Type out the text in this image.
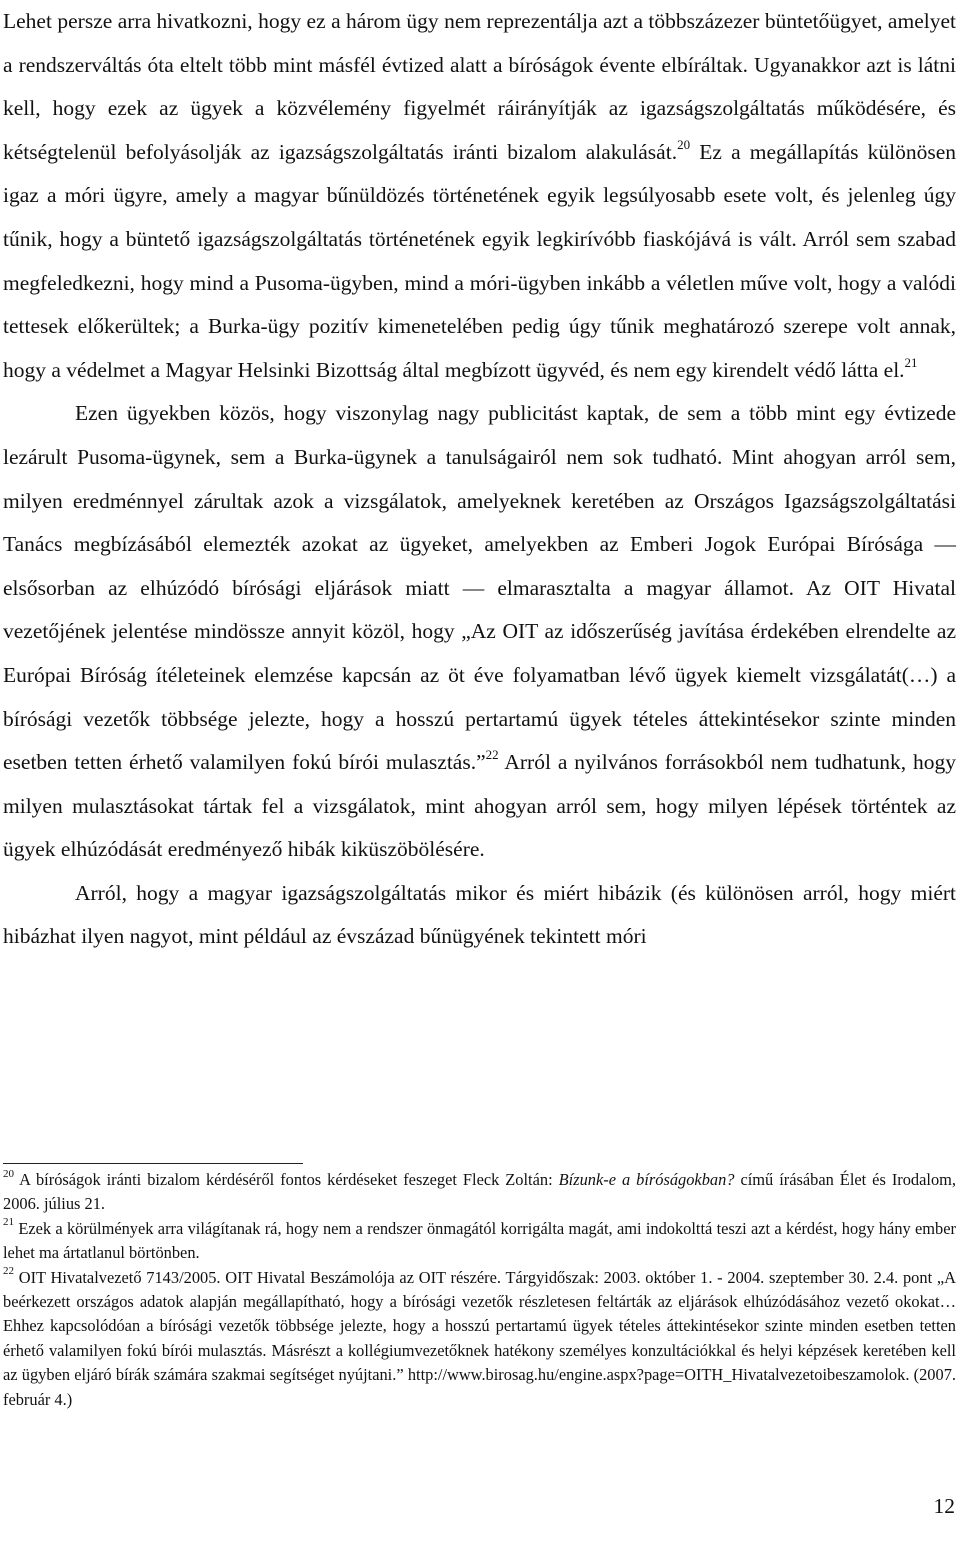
Lehet persze arra hivatkozni, hogy ez a három ügy nem reprezentálja azt a többszázezer büntetőügyet, amelyet a rendszerváltás óta eltelt több mint másfél évtized alatt a bíróságok évente elbíráltak. Ugyanakkor azt is látni kell, hogy ezek az ügyek a közvélemény figyelmét ráirányítják az igazságszolgáltatás működésére, és kétségtelenül befolyásolják az igazságszolgáltatás iránti bizalom alakulását.$^{20}$ Ez a megállapítás különösen igaz a móri ügyre, amely a magyar bűnüldözés történetének egyik legsúlyosabb esete volt, és jelenleg úgy tűnik, hogy a büntető igazságszolgáltatás történetének egyik legkirívóbb fiaskójává is vált. Arról sem szabad megfeledkezni, hogy mind a Pusoma-ügyben, mind a móri-ügyben inkább a véletlen műve volt, hogy a valódi tettesek előkerültek; a Burka-ügy pozitív kimenetelében pedig úgy tűnik meghatározó szerepe volt annak, hogy a védelmet a Magyar Helsinki Bizottság által megbízott ügyvéd, és nem egy kirendelt védő látta el.$^{21}$

Ezen ügyekben közös, hogy viszonylag nagy publicitást kaptak, de sem a több mint egy évtizede lezárult Pusoma-ügynek, sem a Burka-ügynek a tanulságairól nem sok tudható. Mint ahogyan arról sem, milyen eredménnyel zárultak azok a vizsgálatok, amelyeknek keretében az Országos Igazságszolgáltatási Tanács megbízásából elemezték azokat az ügyeket, amelyekben az Emberi Jogok Európai Bírósága — elsősorban az elhúzódó bírósági eljárások miatt — elmarasztalta a magyar államot. Az OIT Hivatal vezetőjének jelentése mindössze annyit közöl, hogy „Az OIT az időszerűség javítása érdekében elrendelte az Európai Bíróság ítéleteinek elemzése kapcsán az öt éve folyamatban lévő ügyek kiemelt vizsgálatát(…) a bírósági vezetők többsége jelezte, hogy a hosszú pertartamú ügyek tételes áttekintésekor szinte minden esetben tetten érhető valamilyen fokú bírói mulasztás.”$^{22}$ Arról a nyilvános forrásokból nem tudhatunk, hogy milyen mulasztásokat tártak fel a vizsgálatok, mint ahogyan arról sem, hogy milyen lépések történtek az ügyek elhúzódását eredményező hibák kiküszöbölésére.

Arról, hogy a magyar igazságszolgáltatás mikor és miért hibázik (és különösen arról, hogy miért hibázhat ilyen nagyot, mint például az évszázad bűnügyének tekintett móri

$^{20}$ A bíróságok iránti bizalom kérdéséről fontos kérdéseket feszeget Fleck Zoltán: Bízunk-e a bíróságokban? című írásában Élet és Irodalom, 2006. július 21.

$^{21}$ Ezek a körülmények arra világítanak rá, hogy nem a rendszer önmagától korrigálta magát, ami indokolttá teszi azt a kérdést, hogy hány ember lehet ma ártatlanul börtönben.

$^{22}$ OIT Hivatalvezető 7143/2005. OIT Hivatal Beszámolója az OIT részére. Tárgyidőszak: 2003. október 1. - 2004. szeptember 30. 2.4. pont „A beérkezett országos adatok alapján megállapítható, hogy a bírósági vezetők részletesen feltárták az eljárások elhúzódásához vezető okokat…Ehhez kapcsolódóan a bírósági vezetők többsége jelezte, hogy a hosszú pertartamú ügyek tételes áttekintésekor szinte minden esetben tetten érhető valamilyen fokú bírói mulasztás. Másrészt a kollégiumvezetőknek hatékony személyes konzultációkkal és helyi képzések keretében kell az ügyben eljáró bírák számára szakmai segítséget nyújtani.” http://www.birosag.hu/engine.aspx?page=OITH_Hivatalvezetoibeszamolok. (2007. február 4.)

12
